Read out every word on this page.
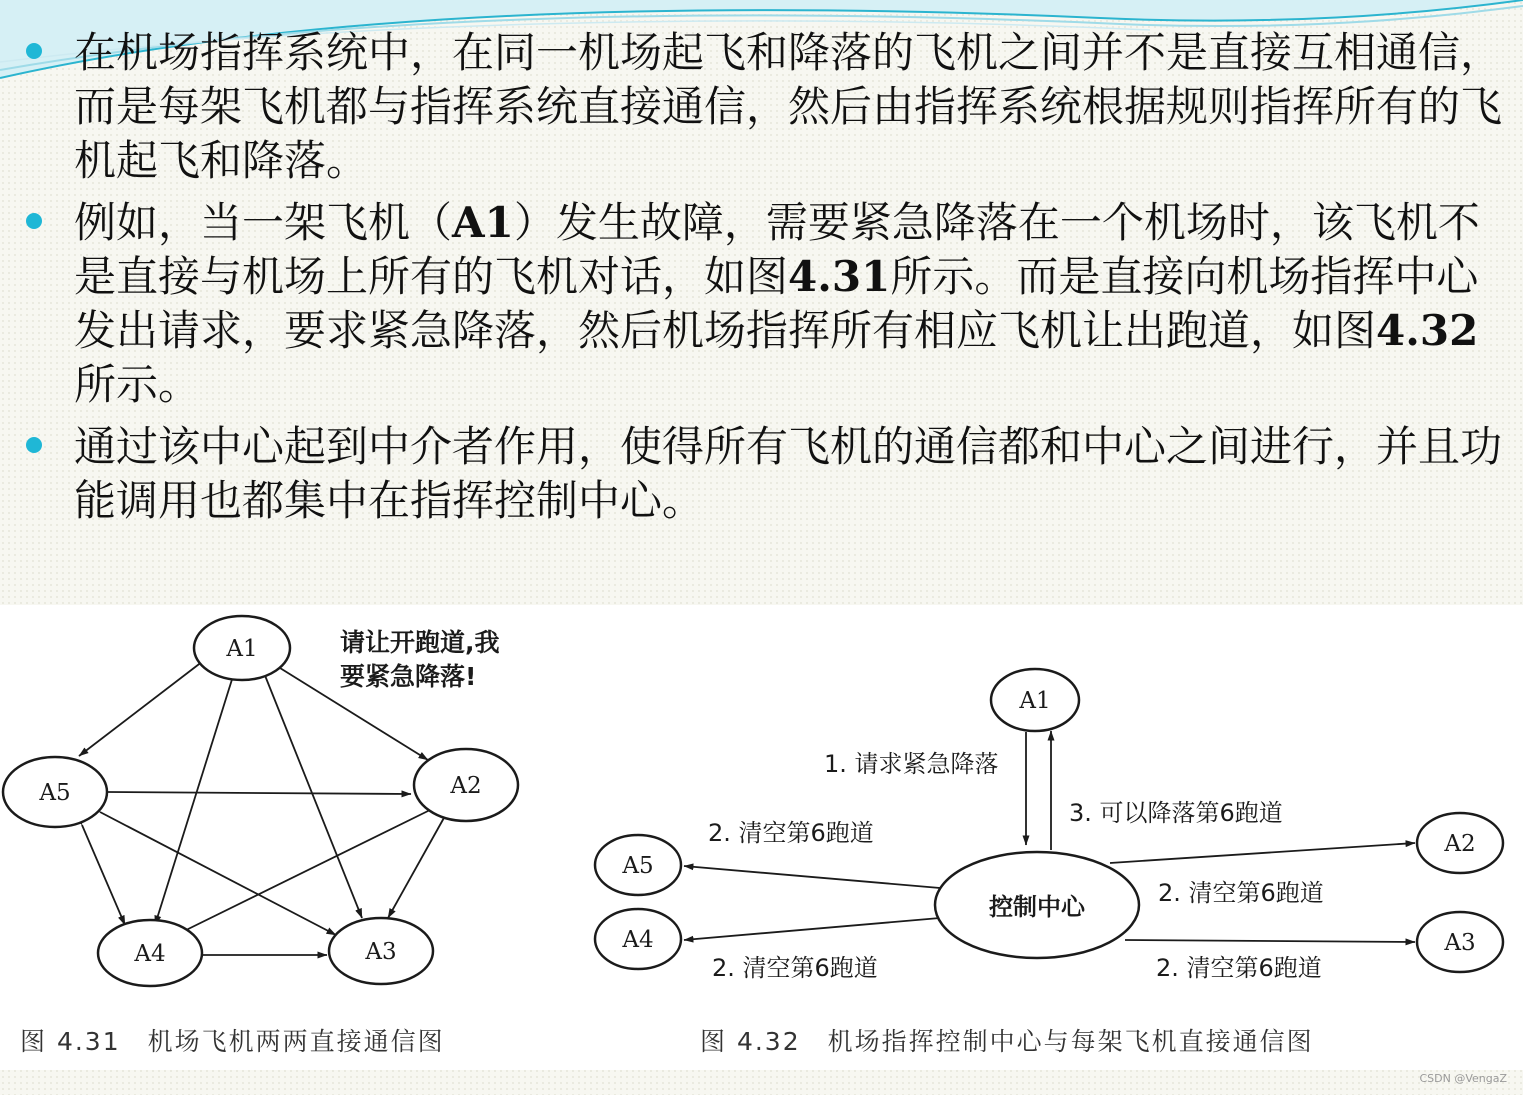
在机场指挥系统中，在同一机场起飞和降落的飞机之间并不是直接互相通信，而是每架飞机都与指挥系统直接通信，然后由指挥系统根据规则指挥所有的飞机起飞和降落。
例如，当一架飞机（A1）发生故障，需要紧急降落在一个机场时，该飞机不是直接与机场上所有的飞机对话，如图4.31所示。而是直接向机场指挥中心发出请求，要求紧急降落，然后机场指挥所有相应飞机让出跑道，如图4.32所示。
通过该中心起到中介者作用，使得所有飞机的通信都和中心之间进行，并且功能调用也都集中在指挥控制中心。
A1
A2
A3
A4
A5
请让开跑道,我
要紧急降落!
图 4.31　机场飞机两两直接通信图
A1
A2
A3
A4
A5
控制中心
1. 请求紧急降落
3. 可以降落第6跑道
2. 清空第6跑道
2. 清空第6跑道
2. 清空第6跑道
2. 清空第6跑道
图 4.32　机场指挥控制中心与每架飞机直接通信图
CSDN @VengaZ
